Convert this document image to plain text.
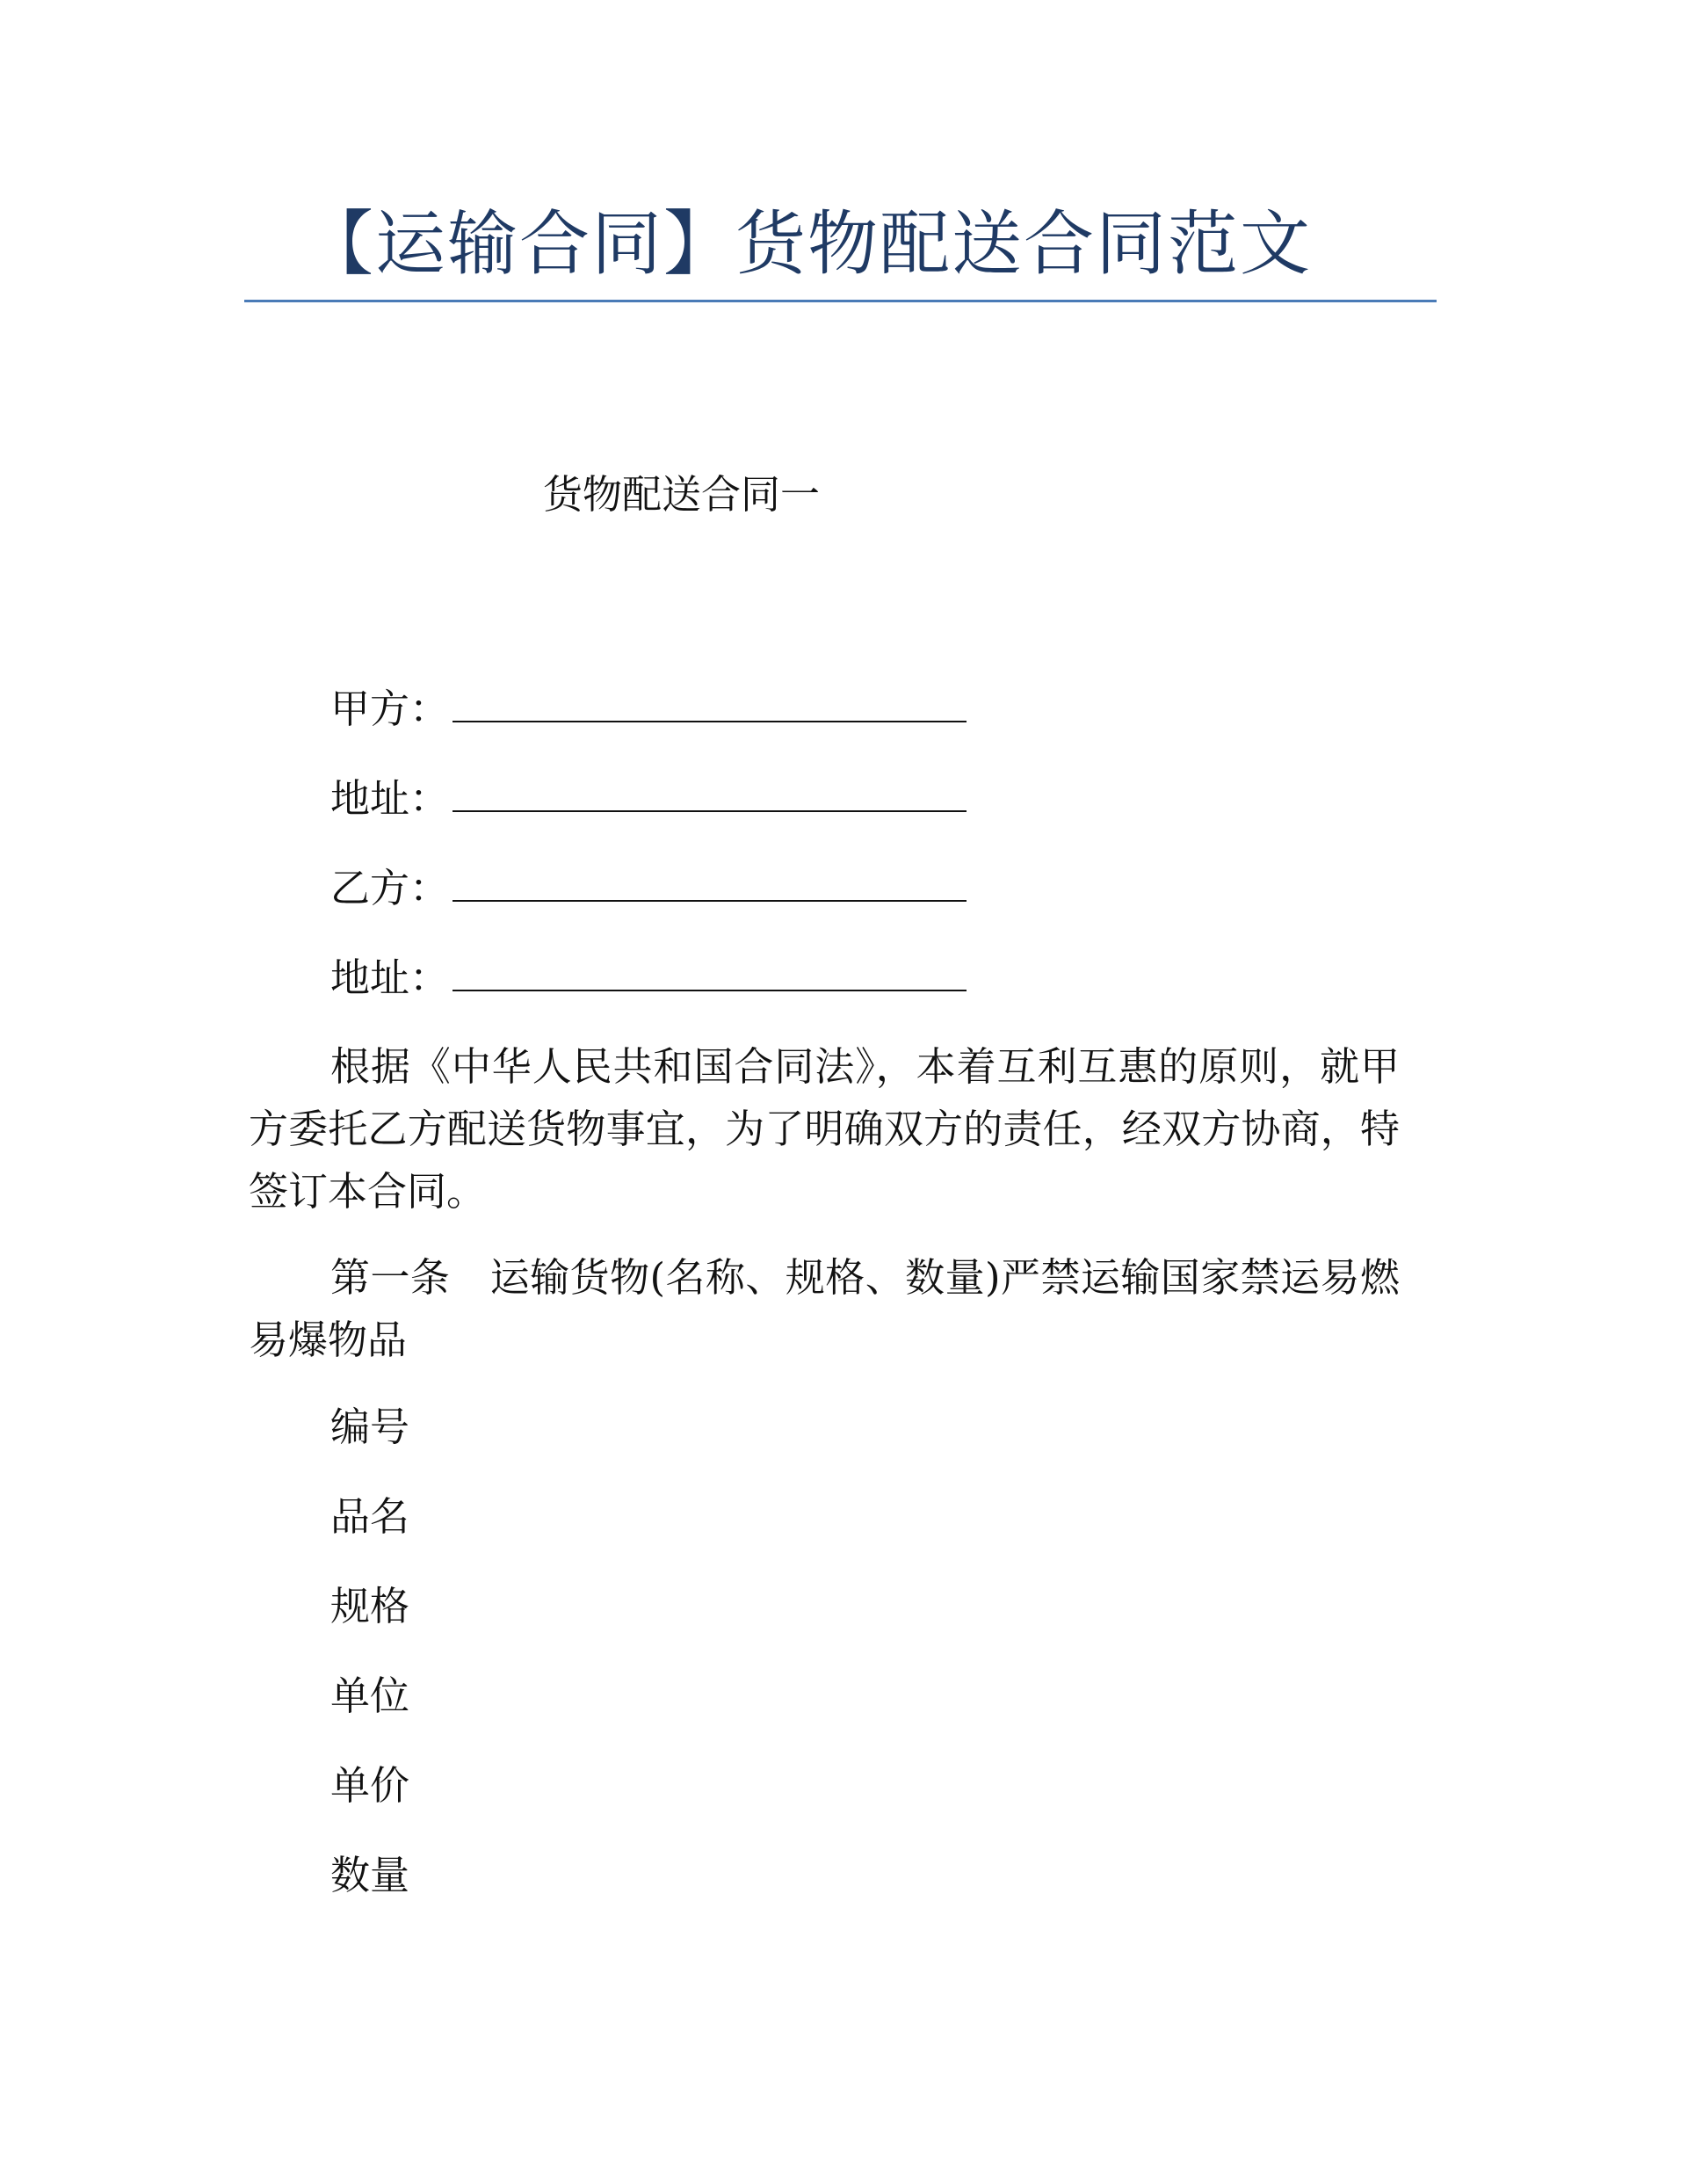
【运输合同】货物配送合同范文
货物配送合同一
甲方：
地址：
乙方：
地址：
根据《中华人民共和国合同法》，本着互利互惠的原则，就甲方委托乙方配送货物事宜，为了明确双方的责任，经双方协商，特签订本合同。
第一条　运输货物(名称、规格、数量)严禁运输国家禁运易燃易爆物品
编号
品名
规格
单位
单价
数量
